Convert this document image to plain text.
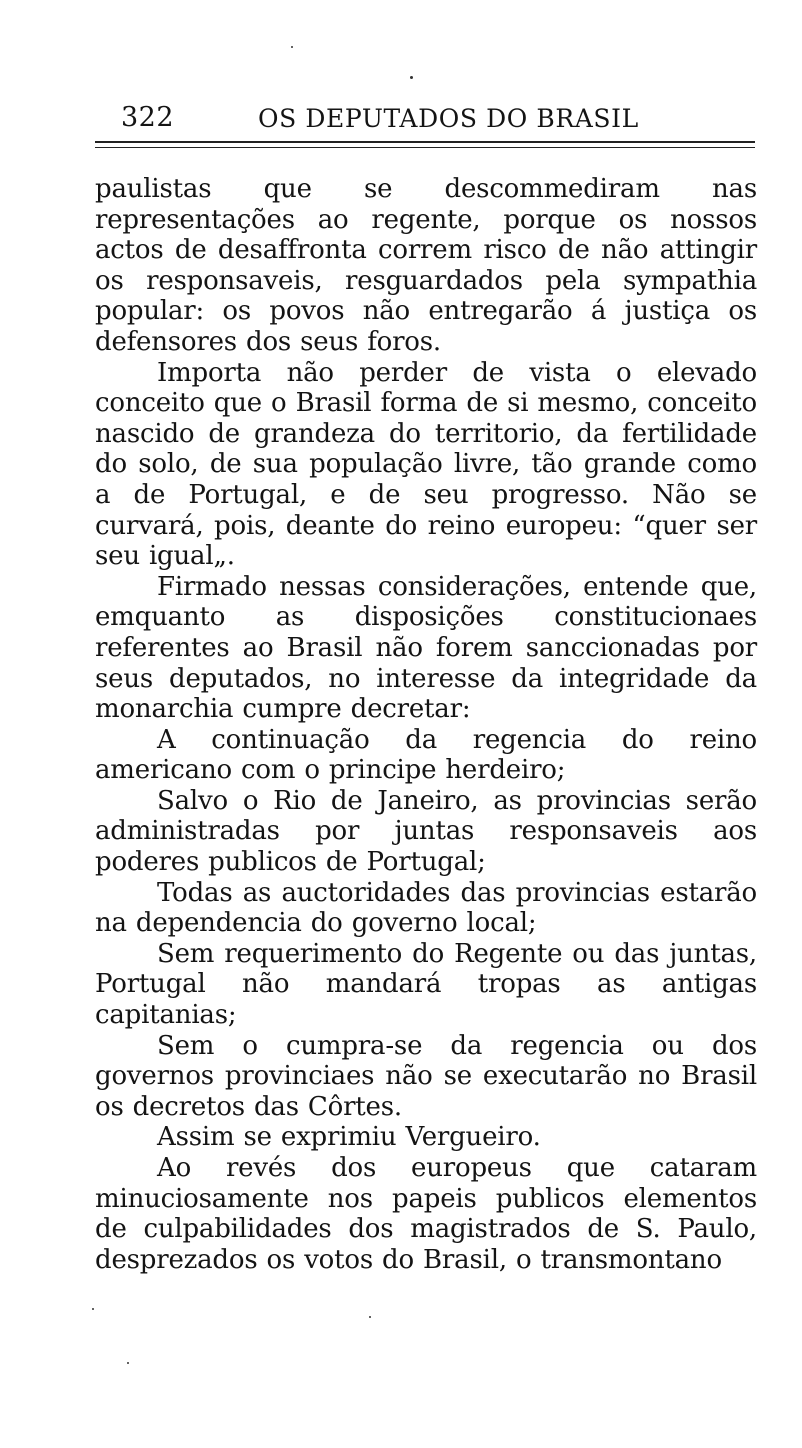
322	OS DEPUTADOS DO BRASIL

paulistas que se descommediram nas representações ao regente, porque os nossos actos de desaffronta correm risco de não attingir os responsaveis, resguardados pela sympathia popular: os povos não entregarão á justiça os defensores dos seus foros.

Importa não perder de vista o elevado conceito que o Brasil forma de si mesmo, conceito nascido de grandeza do territorio, da fertilidade do solo, de sua população livre, tão grande como a de Portugal, e de seu progresso. Não se curvará, pois, deante do reino europeu: “quer ser seu igual„.

Firmado nessas considerações, entende que, emquanto as disposições constitucionaes referentes ao Brasil não forem sanccionadas por seus deputados, no interesse da integridade da monarchia cumpre decretar:

A continuação da regencia do reino americano com o principe herdeiro;

Salvo o Rio de Janeiro, as provincias serão administradas por juntas responsaveis aos poderes publicos de Portugal;

Todas as auctoridades das provincias estarão na dependencia do governo local;

Sem requerimento do Regente ou das juntas, Portugal não mandará tropas as antigas capitanias;

Sem o cumpra-se da regencia ou dos governos provinciaes não se executarão no Brasil os decretos das Côrtes.

Assim se exprimiu Vergueiro.

Ao revés dos europeus que cataram minuciosamente nos papeis publicos elementos de culpabilidades dos magistrados de S. Paulo, desprezados os votos do Brasil, o transmontano
